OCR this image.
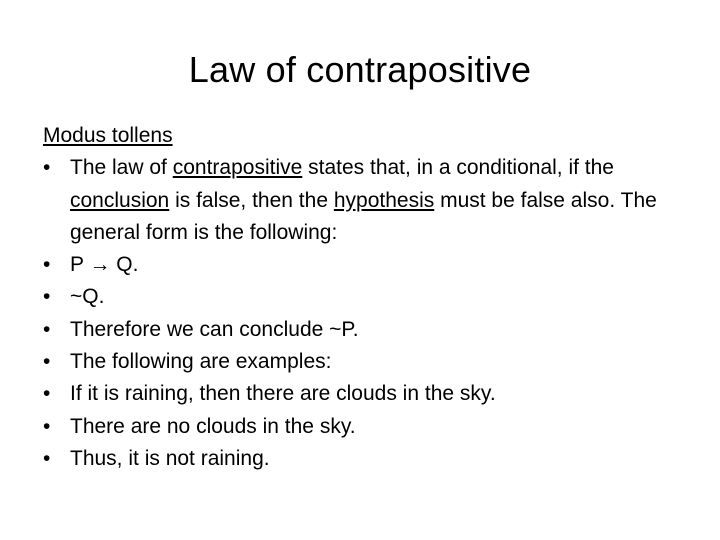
Law of contrapositive
Modus tollens
• The law of contrapositive states that, in a conditional, if the conclusion is false, then the hypothesis must be false also. The general form is the following:
• P → Q.
• ~Q.
• Therefore we can conclude ~P.
• The following are examples:
• If it is raining, then there are clouds in the sky.
• There are no clouds in the sky.
• Thus, it is not raining.
